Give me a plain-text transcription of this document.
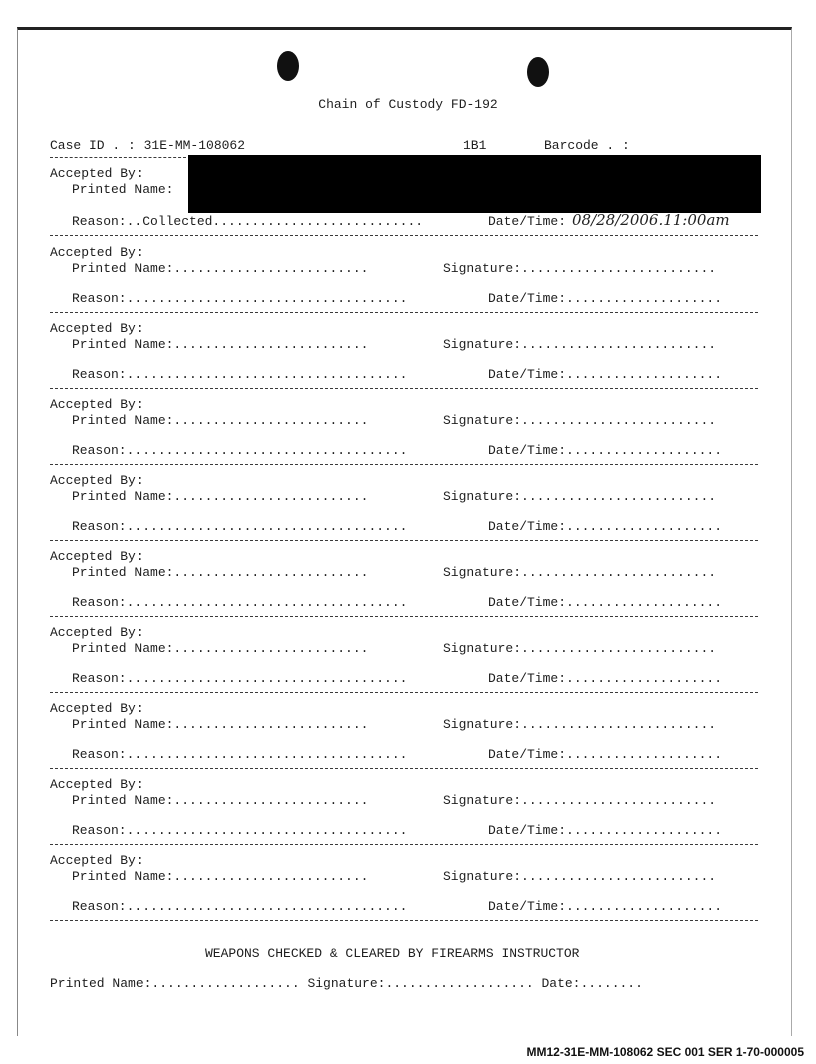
Chain of Custody FD-192
Case ID . : 31E-MM-108062	1B1	Barcode . :
Accepted By:
Printed Name:
Reason:..Collected...........................	Date/Time: 08/28/2006.11:00am
Accepted By:
Printed Name:.........................	Signature:.........................
Reason:....................................	Date/Time:....................
Accepted By:
Printed Name:.........................	Signature:.........................
Reason:....................................	Date/Time:....................
Accepted By:
Printed Name:.........................	Signature:.........................
Reason:....................................	Date/Time:....................
Accepted By:
Printed Name:.........................	Signature:.........................
Reason:....................................	Date/Time:....................
Accepted By:
Printed Name:.........................	Signature:.........................
Reason:....................................	Date/Time:....................
Accepted By:
Printed Name:.........................	Signature:.........................
Reason:....................................	Date/Time:....................
Accepted By:
Printed Name:.........................	Signature:.........................
Reason:....................................	Date/Time:....................
Accepted By:
Printed Name:.........................	Signature:.........................
Reason:....................................	Date/Time:....................
Accepted By:
Printed Name:.........................	Signature:.........................
Reason:....................................	Date/Time:....................
WEAPONS CHECKED & CLEARED BY FIREARMS INSTRUCTOR
Printed Name:................... Signature:................... Date:........
MM12-31E-MM-108062 SEC 001 SER 1-70-000005
